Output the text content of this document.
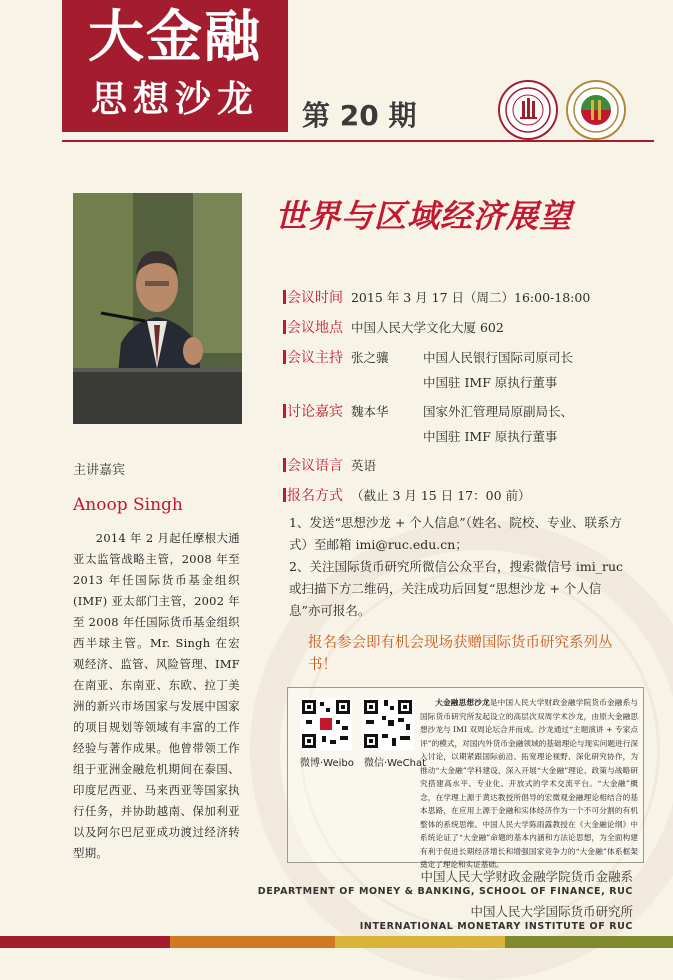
大金融
思想沙龙	第 20 期
世界与区域经济展望
主讲嘉宾
Anoop Singh
2014 年 2 月起任摩根大通亚太监管战略主管，2008 年至 2013 年任国际货币基金组织 (IMF) 亚太部门主管，2002 年至 2008 年任国际货币基金组织西半球主管。Mr. Singh 在宏观经济、监管、风险管理、IMF 在南亚、东南亚、东欧、拉丁美洲的新兴市场国家与发展中国家的项目规划等领域有丰富的工作经验与著作成果。他曾带领工作组于亚洲金融危机期间在泰国、印度尼西亚、马来西亚等国家执行任务，并协助越南、保加利亚以及阿尔巴尼亚成功渡过经济转型期。
会议时间 2015 年 3 月 17 日（周二）16:00-18:00
会议地点 中国人民大学文化大厦 602
会议主持 张之骧	中国人民银行国际司原司长
中国驻 IMF 原执行董事
讨论嘉宾 魏本华	国家外汇管理局原副局长、
中国驻 IMF 原执行董事
会议语言 英语
报名方式 （截止 3 月 15 日 17：00 前）
1、发送“思想沙龙 + 个人信息”（姓名、院校、专业、联系方式）至邮箱 imi@ruc.edu.cn；
2、关注国际货币研究所微信公众平台，搜索微信号 imi_ruc 或扫描下方二维码，关注成功后回复“思想沙龙 + 个人信息”亦可报名。
报名参会即有机会现场获赠国际货币研究系列丛书！
微博·Weibo 微信·WeChat
大金融思想沙龙是中国人民大学财政金融学院货币金融系与国际货币研究所发起设立的高层次双周学术沙龙，由原大金融思想沙龙与 IMI 双周论坛合并而成。沙龙通过“主题演讲 + 专家点评”的模式，对国内外货币金融领域的基础理论与现实问题进行深入讨论，以期紧跟国际前沿、拓宽理论视野、深化研究协作，为推动“大金融”学科建设，深入开展“大金融”理论、政策与战略研究搭建高水平、专业化、开放式的学术交流平台。“大金融”概念，在学理上源于黄达教授所倡导的宏微观金融理论相结合的基本思路，在应用上源于金融和实体经济作为一个不可分割的有机整体的系统思维。中国人民大学陈雨露教授在《大金融论纲》中系统论证了“大金融”命题的基本内涵和方法论思想，为全面构建有利于促进长期经济增长和增强国家竞争力的“大金融”体系框架奠定了理论和实证基础。
中国人民大学财政金融学院货币金融系
DEPARTMENT OF MONEY & BANKING, SCHOOL OF FINANCE, RUC
中国人民大学国际货币研究所
INTERNATIONAL MONETARY INSTITUTE OF RUC
